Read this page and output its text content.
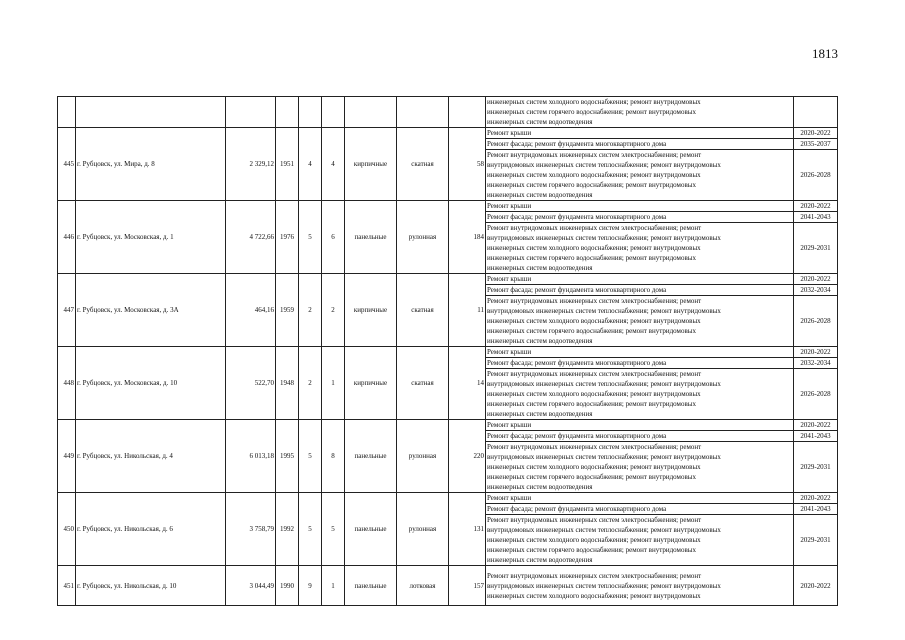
1813

									инженерных систем холодного водоснабжения; ремонт внутридомовых
инженерных систем горячего водоснабжения; ремонт внутридомовых
инженерных систем водоотведения	

445	г. Рубцовск, ул. Мира, д. 8	2 329,12	1951	4	4	кирпичные	скатная	58	Ремонт крыши	2020-2022

									Ремонт фасада; ремонт фундамента многоквартирного дома	2035-2037

									Ремонт внутридомовых инженерных систем электроснабжения; ремонт
внутридомовых инженерных систем теплоснабжения; ремонт внутридомовых
инженерных систем холодного водоснабжения; ремонт внутридомовых
инженерных систем горячего водоснабжения; ремонт внутридомовых
инженерных систем водоотведения	2026-2028
446	г. Рубцовск, ул. Московская, д. 1	4 722,66	1976	5	6	панельные	рулонная	184	Ремонт крыши	2020-2022

									Ремонт фасада; ремонт фундамента многоквартирного дома	2041-2043

									Ремонт внутридомовых инженерных систем электроснабжения; ремонт
внутридомовых инженерных систем теплоснабжения; ремонт внутридомовых
инженерных систем холодного водоснабжения; ремонт внутридомовых
инженерных систем горячего водоснабжения; ремонт внутридомовых
инженерных систем водоотведения	2029-2031
447	г. Рубцовск, ул. Московская, д. 3А	464,16	1959	2	2	кирпичные	скатная	11	Ремонт крыши	2020-2022

									Ремонт фасада; ремонт фундамента многоквартирного дома	2032-2034

									Ремонт внутридомовых инженерных систем электроснабжения; ремонт
внутридомовых инженерных систем теплоснабжения; ремонт внутридомовых
инженерных систем холодного водоснабжения; ремонт внутридомовых
инженерных систем горячего водоснабжения; ремонт внутридомовых
инженерных систем водоотведения	2026-2028
448	г. Рубцовск, ул. Московская, д. 10	522,70	1948	2	1	кирпичные	скатная	14	Ремонт крыши	2020-2022

									Ремонт фасада; ремонт фундамента многоквартирного дома	2032-2034

									Ремонт внутридомовых инженерных систем электроснабжения; ремонт
внутридомовых инженерных систем теплоснабжения; ремонт внутридомовых
инженерных систем холодного водоснабжения; ремонт внутридомовых
инженерных систем горячего водоснабжения; ремонт внутридомовых
инженерных систем водоотведения	2026-2028
449	г. Рубцовск, ул. Никольская, д. 4	6 013,18	1995	5	8	панельные	рулонная	220	Ремонт крыши	2020-2022

									Ремонт фасада; ремонт фундамента многоквартирного дома	2041-2043

									Ремонт внутридомовых инженерных систем электроснабжения; ремонт
внутридомовых инженерных систем теплоснабжения; ремонт внутридомовых
инженерных систем холодного водоснабжения; ремонт внутридомовых
инженерных систем горячего водоснабжения; ремонт внутридомовых
инженерных систем водоотведения	2029-2031
450	г. Рубцовск, ул. Никольская, д. 6	3 758,79	1992	5	5	панельные	рулонная	131	Ремонт крыши	2020-2022

									Ремонт фасада; ремонт фундамента многоквартирного дома	2041-2043

									Ремонт внутридомовых инженерных систем электроснабжения; ремонт
внутридомовых инженерных систем теплоснабжения; ремонт внутридомовых
инженерных систем холодного водоснабжения; ремонт внутридомовых
инженерных систем горячего водоснабжения; ремонт внутридомовых
инженерных систем водоотведения	2029-2031
451	г. Рубцовск, ул. Никольская, д. 10	3 044,49	1990	9	1	панельные	лотковая	157	Ремонт внутридомовых инженерных систем электроснабжения; ремонт
внутридомовых инженерных систем теплоснабжения; ремонт внутридомовых
инженерных систем холодного водоснабжения; ремонт внутридомовых	2020-2022
